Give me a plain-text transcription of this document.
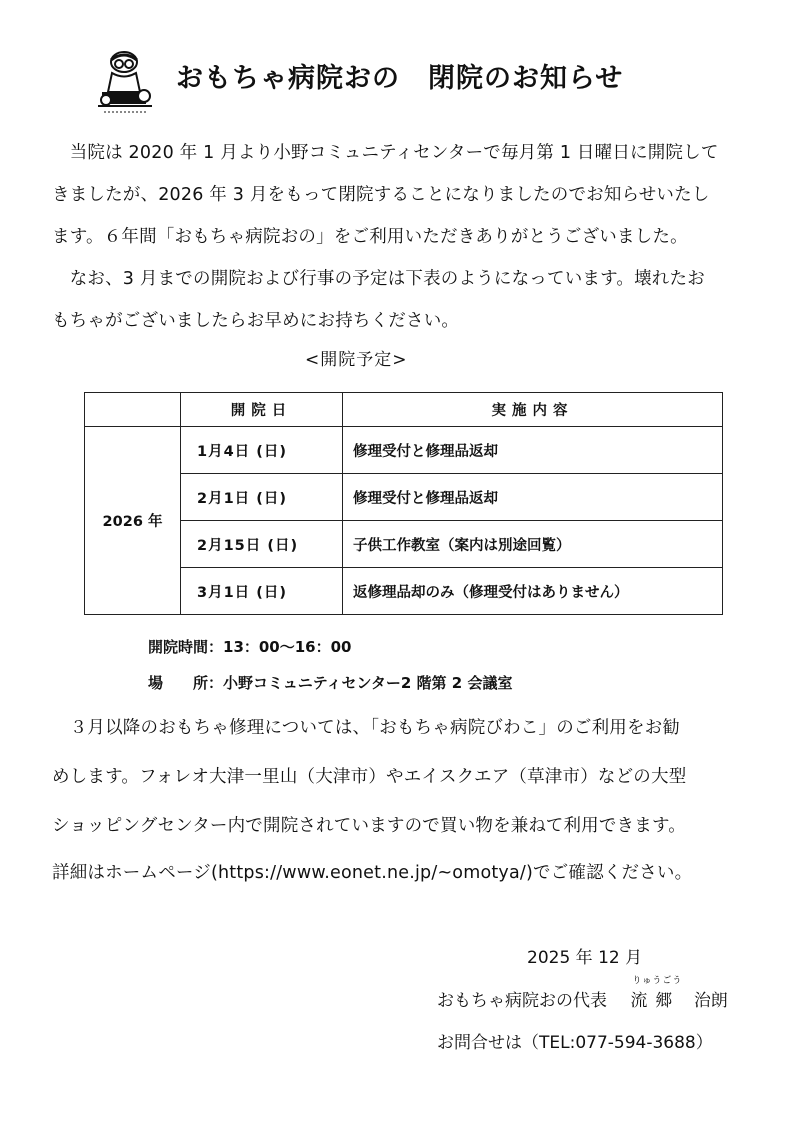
おもちゃ病院おの 閉院のお知らせ
　当院は 2020 年 1 月より小野コミュニティセンターで毎月第 1 日曜日に開院して
きましたが、2026 年 3 月をもって閉院することになりましたのでお知らせいたし
ます。６年間「おもちゃ病院おの」をご利用いただきありがとうございました。
　なお、3 月までの開院および行事の予定は下表のようになっています。壊れたお
もちゃがございましたらお早めにお持ちください。
<開院予定>
	開院日	実施内容
2026 年	1月4日 (日)	修理受付と修理品返却
	2月1日 (日)	修理受付と修理品返却
	2月15日 (日)	子供工作教室（案内は別途回覧）
	3月1日 (日)	返修理品却のみ（修理受付はありません）
開院時間：13：00～16：00
場　　所：小野コミュニティセンター2 階第 2 会議室
　３月以降のおもちゃ修理については、「おもちゃ病院びわこ」のご利用をお勧
めします。フォレオ大津一里山（大津市）やエイスクエア（草津市）などの大型
ショッピングセンター内で開院されていますので買い物を兼ねて利用できます。
詳細はホームページ(https://www.eonet.ne.jp/~omotya/)でご確認ください。
2025 年 12 月
おもちゃ病院おの代表
りゅうごう
流郷 治朗
お問合せは（TEL:077-594-3688）
